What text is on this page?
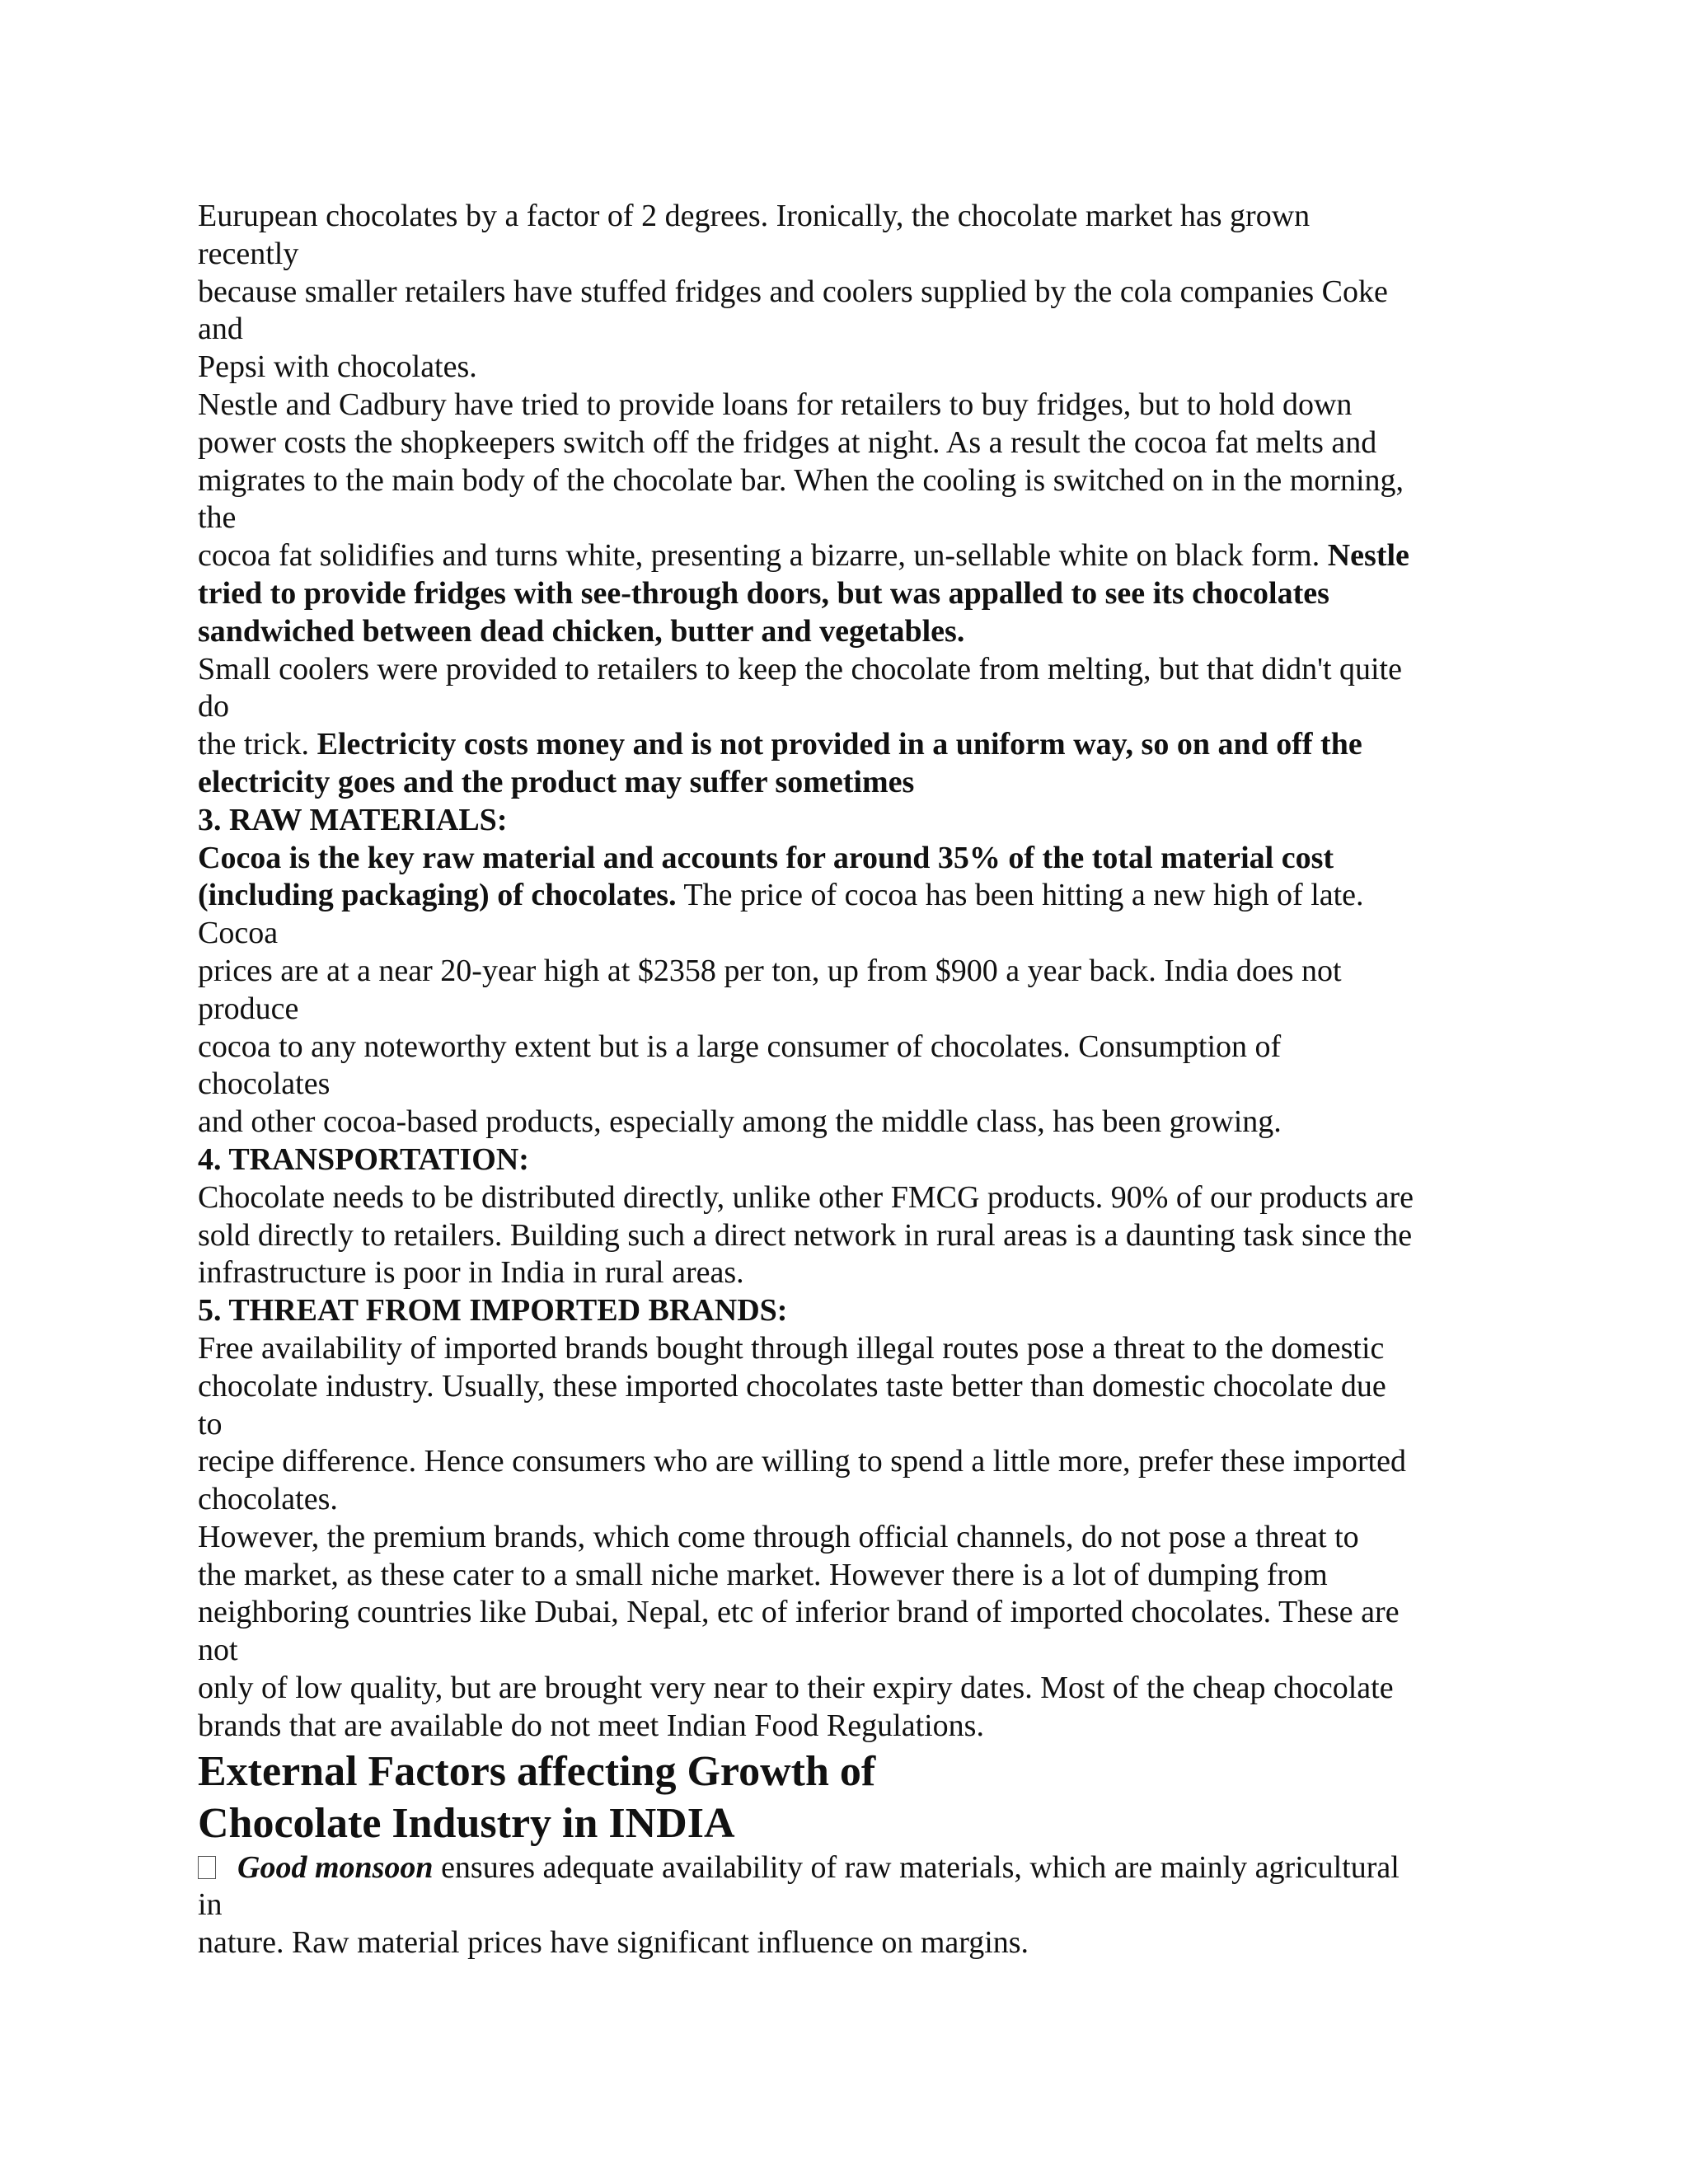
Eurupean chocolates by a factor of 2 degrees. Ironically, the chocolate market has grown
recently
because smaller retailers have stuffed fridges and coolers supplied by the cola companies Coke
and
Pepsi with chocolates.
Nestle and Cadbury have tried to provide loans for retailers to buy fridges, but to hold down
power costs the shopkeepers switch off the fridges at night. As a result the cocoa fat melts and
migrates to the main body of the chocolate bar. When the cooling is switched on in the morning,
the
cocoa fat solidifies and turns white, presenting a bizarre, un-sellable white on black form. Nestle
tried to provide fridges with see-through doors, but was appalled to see its chocolates
sandwiched between dead chicken, butter and vegetables.
Small coolers were provided to retailers to keep the chocolate from melting, but that didn't quite
do
the trick. Electricity costs money and is not provided in a uniform way, so on and off the
electricity goes and the product may suffer sometimes
3. RAW MATERIALS:
Cocoa is the key raw material and accounts for around 35% of the total material cost
(including packaging) of chocolates. The price of cocoa has been hitting a new high of late.
Cocoa
prices are at a near 20-year high at $2358 per ton, up from $900 a year back. India does not
produce
cocoa to any noteworthy extent but is a large consumer of chocolates. Consumption of
chocolates
and other cocoa-based products, especially among the middle class, has been growing.
4. TRANSPORTATION:
Chocolate needs to be distributed directly, unlike other FMCG products. 90% of our products are
sold directly to retailers. Building such a direct network in rural areas is a daunting task since the
infrastructure is poor in India in rural areas.
5. THREAT FROM IMPORTED BRANDS:
Free availability of imported brands bought through illegal routes pose a threat to the domestic
chocolate industry. Usually, these imported chocolates taste better than domestic chocolate due
to
recipe difference. Hence consumers who are willing to spend a little more, prefer these imported
chocolates.
However, the premium brands, which come through official channels, do not pose a threat to
the market, as these cater to a small niche market. However there is a lot of dumping from
neighboring countries like Dubai, Nepal, etc of inferior brand of imported chocolates. These are
not
only of low quality, but are brought very near to their expiry dates. Most of the cheap chocolate
brands that are available do not meet Indian Food Regulations.
External Factors affecting Growth of
Chocolate Industry in INDIA
Good monsoon ensures adequate availability of raw materials, which are mainly agricultural
in
nature. Raw material prices have significant influence on margins.
